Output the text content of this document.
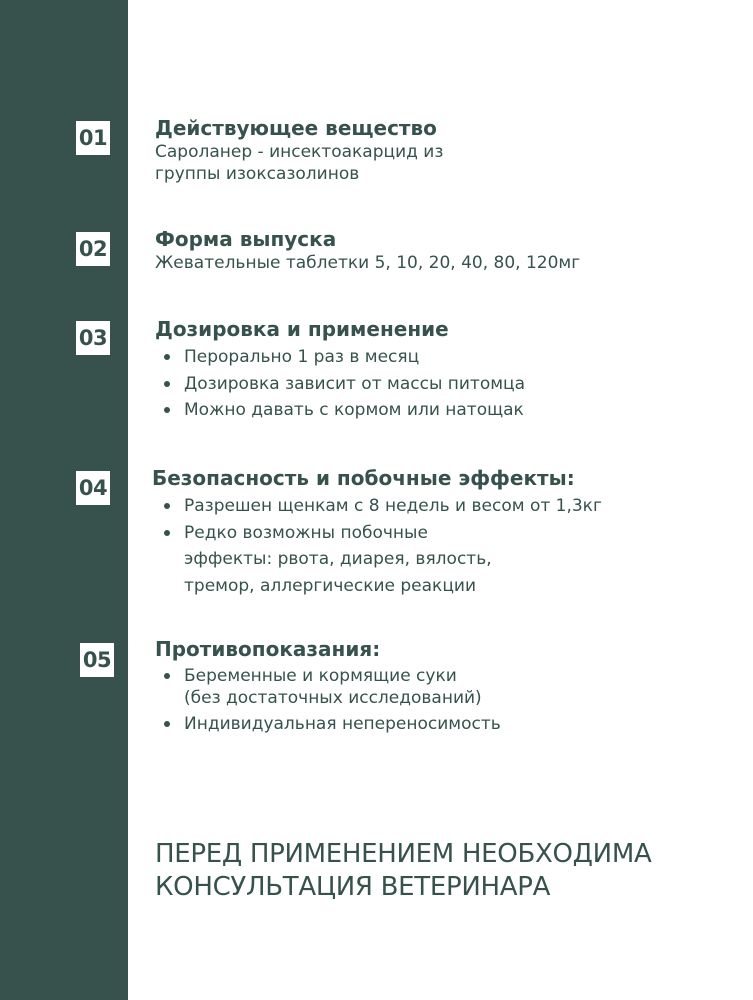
01
02
03
04
05
Действующее вещество
Сароланер - инсектоакарцид из
группы изоксазолинов
Форма выпуска
Жевательные таблетки 5, 10, 20, 40, 80, 120мг
Дозировка и применение
Перорально 1 раз в месяц
Дозировка зависит от массы питомца
Можно давать с кормом или натощак
Безопасность и побочные эффекты:
Разрешен щенкам с 8 недель и весом от 1,3кг
Редко возможны побочные
эффекты: рвота, диарея, вялость,
тремор, аллергические реакции
Противопоказания:
Беременные и кормящие суки
(без достаточных исследований)
Индивидуальная непереносимость
ПЕРЕД ПРИМЕНЕНИЕМ НЕОБХОДИМА
КОНСУЛЬТАЦИЯ ВЕТЕРИНАРА
